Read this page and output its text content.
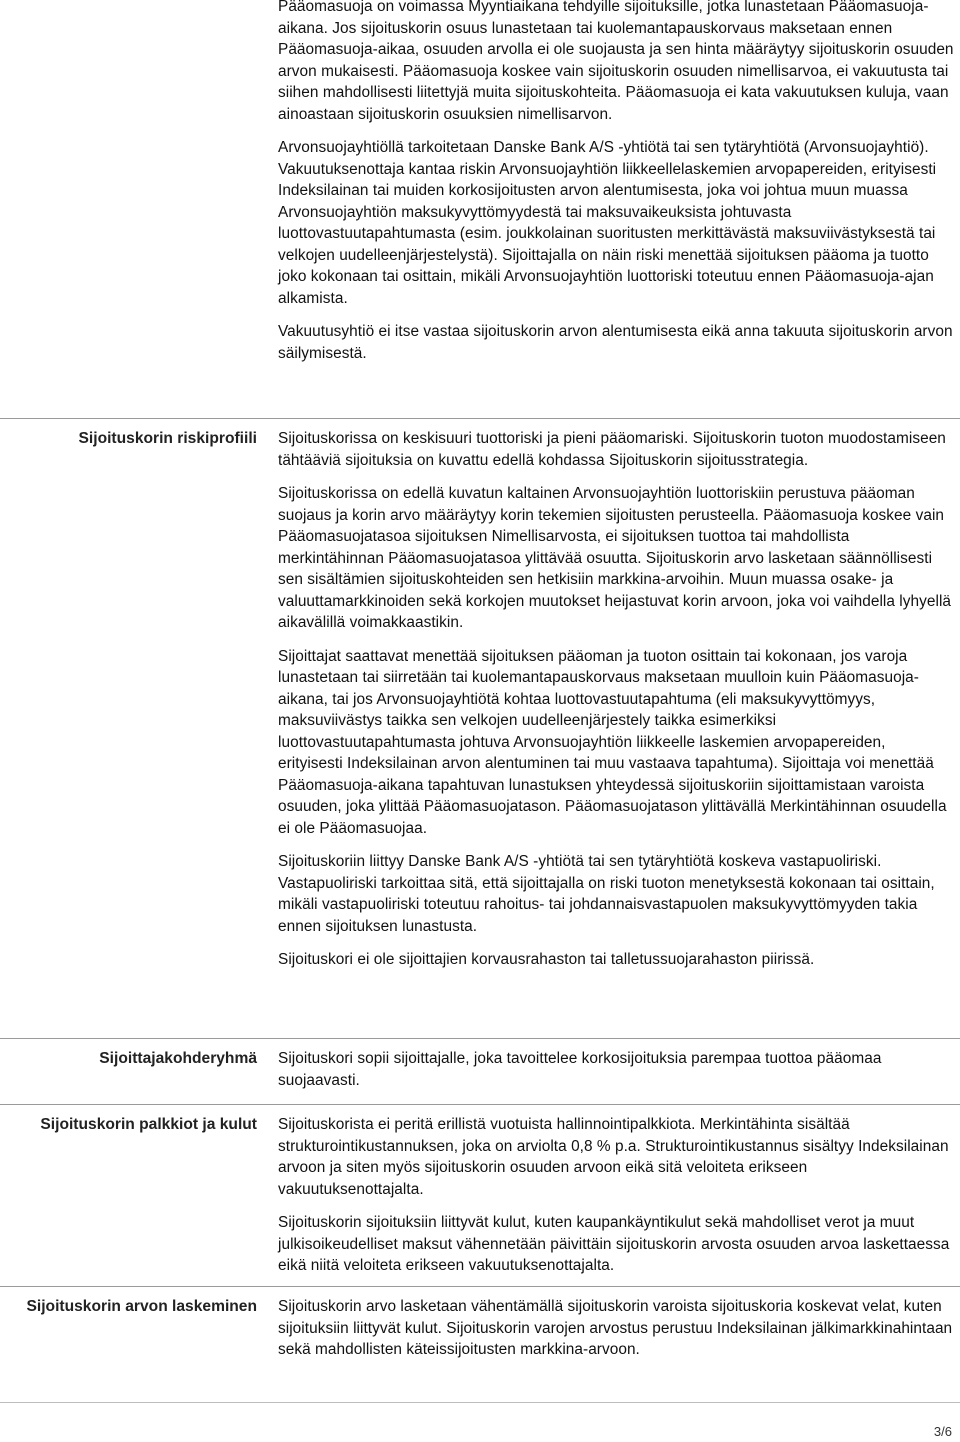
Pääomasuoja on voimassa Myyntiaikana tehdyille sijoituksille, jotka lunastetaan Pääomasuoja-aikana. Jos sijoituskorin osuus lunastetaan tai kuolemantapauskorvaus maksetaan ennen Pääomasuoja-aikaa, osuuden arvolla ei ole suojausta ja sen hinta määräytyy sijoituskorin osuuden arvon mukaisesti. Pääomasuoja koskee vain sijoituskorin osuuden nimellisarvoa, ei vakuutusta tai siihen mahdollisesti liitettyjä muita sijoituskohteita. Pääomasuoja ei kata vakuutuksen kuluja, vaan ainoastaan sijoituskorin osuuksien nimellisarvon.

Arvonsuojayhtiöllä tarkoitetaan Danske Bank A/S -yhtiötä tai sen tytäryhtiötä (Arvonsuojayhtiö). Vakuutuksenottaja kantaa riskin Arvonsuojayhtiön liikkeellelaskemien arvopapereiden, erityisesti Indeksilainan tai muiden korkosijoitusten arvon alentumisesta, joka voi johtua muun muassa Arvonsuojayhtiön maksukyvyttömyydestä tai maksuvaikeuksista johtuvasta luottovastuutapahtumasta (esim. joukkolainan suoritusten merkittävästä maksuviivästyksestä tai velkojen uudelleenjärjestelystä). Sijoittajalla on näin riski menettää sijoituksen pääoma ja tuotto joko kokonaan tai osittain, mikäli Arvonsuojayhtiön luottoriski toteutuu ennen Pääomasuoja-ajan alkamista.

Vakuutusyhtiö ei itse vastaa sijoituskorin arvon alentumisesta eikä anna takuuta sijoituskorin arvon säilymisestä.

Sijoituskorin riskiprofiili Sijoituskorissa on keskisuuri tuottoriski ja pieni pääomariski. Sijoituskorin tuoton muodostamiseen tähtääviä sijoituksia on kuvattu edellä kohdassa Sijoituskorin sijoitusstrategia.

Sijoituskorissa on edellä kuvatun kaltainen Arvonsuojayhtiön luottoriskiin perustuva pääoman suojaus ja korin arvo määräytyy korin tekemien sijoitusten perusteella. Pääomasuoja koskee vain Pääomasuojatasoa sijoituksen Nimellisarvosta, ei sijoituksen tuottoa tai mahdollista merkintähinnan Pääomasuojatasoa ylittävää osuutta. Sijoituskorin arvo lasketaan säännöllisesti sen sisältämien sijoituskohteiden sen hetkisiin markkina-arvoihin. Muun muassa osake- ja valuuttamarkkinoiden sekä korkojen muutokset heijastuvat korin arvoon, joka voi vaihdella lyhyellä aikavälillä voimakkaastikin.

Sijoittajat saattavat menettää sijoituksen pääoman ja tuoton osittain tai kokonaan, jos varoja lunastetaan tai siirretään tai kuolemantapauskorvaus maksetaan muulloin kuin Pääomasuoja-aikana, tai jos Arvonsuojayhtiötä kohtaa luottovastuutapahtuma (eli maksukyvyttömyys, maksuviivästys taikka sen velkojen uudelleenjärjestely taikka esimerkiksi luottovastuutapahtumasta johtuva Arvonsuojayhtiön liikkeelle laskemien arvopapereiden, erityisesti Indeksilainan arvon alentuminen tai muu vastaava tapahtuma). Sijoittaja voi menettää Pääomasuoja-aikana tapahtuvan lunastuksen yhteydessä sijoituskoriin sijoittamistaan varoista osuuden, joka ylittää Pääomasuojatason. Pääomasuojatason ylittävällä Merkintähinnan osuudella ei ole Pääomasuojaa.

Sijoituskoriin liittyy Danske Bank A/S -yhtiötä tai sen tytäryhtiötä koskeva vastapuoliriski. Vastapuoliriski tarkoittaa sitä, että sijoittajalla on riski tuoton menetyksestä kokonaan tai osittain, mikäli vastapuoliriski toteutuu rahoitus- tai johdannaisvastapuolen maksukyvyttömyyden takia ennen sijoituksen lunastusta.

Sijoituskori ei ole sijoittajien korvausrahaston tai talletussuojarahaston piirissä.

Sijoittajakohderyhmä Sijoituskori sopii sijoittajalle, joka tavoittelee korkosijoituksia parempaa tuottoa pääomaa suojaavasti.

Sijoituskorin palkkiot ja kulut Sijoituskorista ei peritä erillistä vuotuista hallinnointipalkkiota. Merkintähinta sisältää strukturointikustannuksen, joka on arviolta 0,8 % p.a. Strukturointikustannus sisältyy Indeksilainan arvoon ja siten myös sijoituskorin osuuden arvoon eikä sitä veloiteta erikseen vakuutuksenottajalta.

Sijoituskorin sijoituksiin liittyvät kulut, kuten kaupankäyntikulut sekä mahdolliset verot ja muut julkisoikeudelliset maksut vähennetään päivittäin sijoituskorin arvosta osuuden arvoa laskettaessa eikä niitä veloiteta erikseen vakuutuksenottajalta.

Sijoituskorin arvon laskeminen Sijoituskorin arvo lasketaan vähentämällä sijoituskorin varoista sijoituskoria koskevat velat, kuten sijoituksiin liittyvät kulut. Sijoituskorin varojen arvostus perustuu Indeksilainan jälkimarkkinahintaan sekä mahdollisten käteissijoitusten markkina-arvoon.

3/6
